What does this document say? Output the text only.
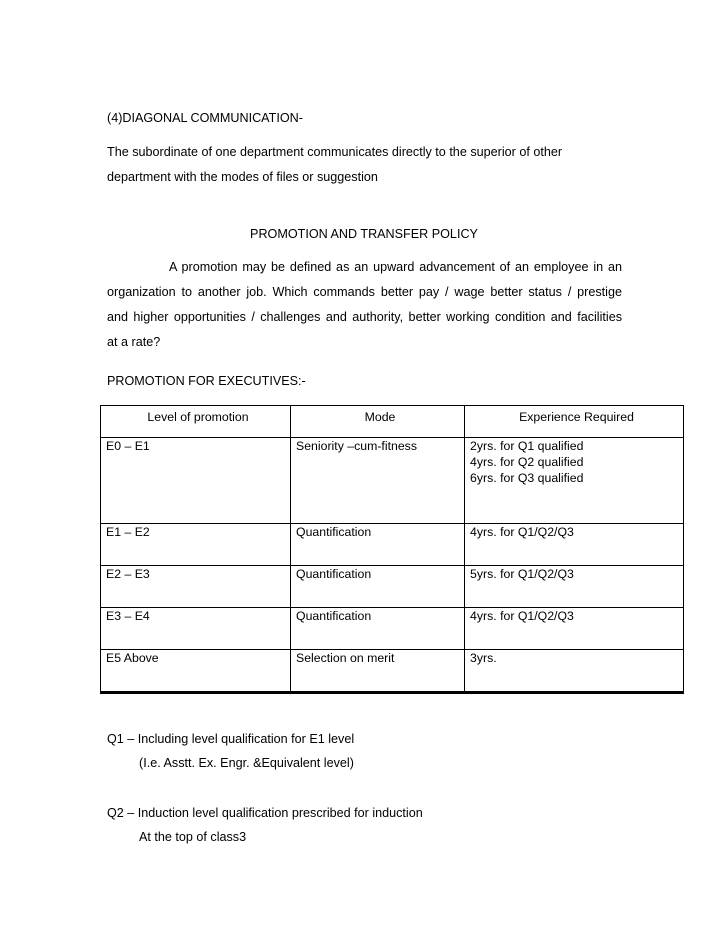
(4)DIAGONAL COMMUNICATION-
The subordinate of one department communicates directly to the superior of other
department with the modes of files or suggestion
PROMOTION AND TRANSFER POLICY
A promotion may be defined as an upward advancement of an employee in an
organization to another job. Which commands better pay / wage better status / prestige
and higher opportunities / challenges and authority, better working condition and facilities
at a rate?
PROMOTION FOR EXECUTIVES:-
Level of promotion	Mode	Experience Required
E0 – E1	Seniority –cum-fitness	2yrs. for Q1 qualified
4yrs. for Q2 qualified
6yrs. for Q3 qualified

E1 – E2	Quantification	4yrs. for Q1/Q2/Q3

E2 – E3	Quantification	5yrs. for Q1/Q2/Q3

E3 – E4	Quantification	4yrs. for Q1/Q2/Q3

E5 Above	Selection on merit	3yrs.
Q1 – Including level qualification for E1 level
(I.e. Asstt. Ex. Engr. &Equivalent level)
Q2 – Induction level qualification prescribed for induction
At the top of class3
